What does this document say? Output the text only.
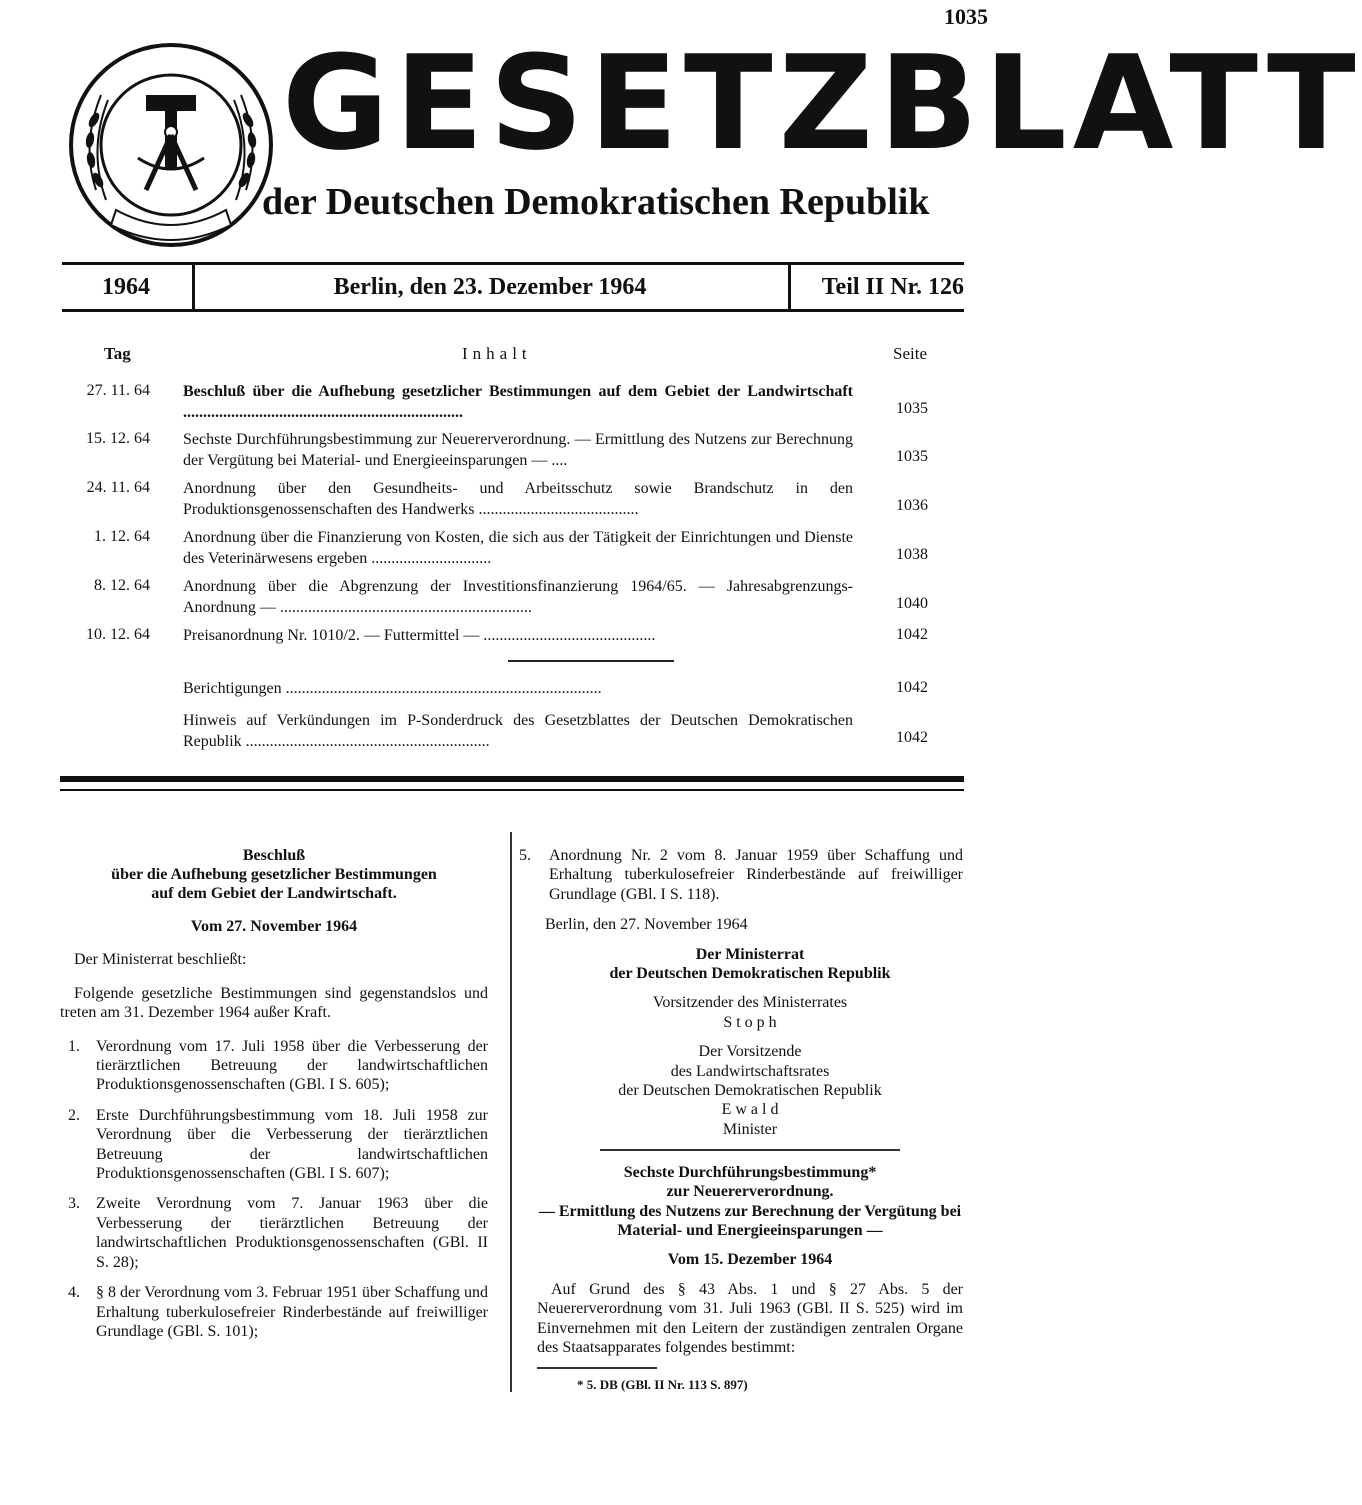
1035
GESETZBLATT
der Deutschen Demokratischen Republik
1964	Berlin, den 23. Dezember 1964	Teil II Nr. 126
Tag	Inhalt	Seite
27. 11. 64 Beschluß über die Aufhebung gesetzlicher Bestimmungen auf dem Gebiet der Landwirtschaft ......................................................................	1035
15. 12. 64 Sechste Durchführungsbestimmung zur Neuererverordnung. — Ermittlung des Nutzens zur Berechnung der Vergütung bei Material- und Energieeinsparungen — ....	1035
24. 11. 64 Anordnung über den Gesundheits- und Arbeitsschutz sowie Brandschutz in den Produktionsgenossenschaften des Handwerks ........................................	1036
1. 12. 64 Anordnung über die Finanzierung von Kosten, die sich aus der Tätigkeit der Einrichtungen und Dienste des Veterinärwesens ergeben ..............................	1038
8. 12. 64 Anordnung über die Abgrenzung der Investitionsfinanzierung 1964/65. — Jahresabgrenzungs-Anordnung — ...............................................................	1040
10. 12. 64 Preisanordnung Nr. 1010/2. — Futtermittel — ...........................................	1042
Berichtigungen ...............................................................................	1042
Hinweis auf Verkündungen im P-Sonderdruck des Gesetzblattes der Deutschen Demokratischen Republik .............................................................	1042

Beschluß
über die Aufhebung gesetzlicher Bestimmungen
auf dem Gebiet der Landwirtschaft.

Vom 27. November 1964

Der Ministerrat beschließt:

Folgende gesetzliche Bestimmungen sind gegenstandslos und treten am 31. Dezember 1964 außer Kraft.

1. Verordnung vom 17. Juli 1958 über die Verbesserung der tierärztlichen Betreuung der landwirtschaftlichen Produktionsgenossenschaften (GBl. I S. 605);
2. Erste Durchführungsbestimmung vom 18. Juli 1958 zur Verordnung über die Verbesserung der tierärztlichen Betreuung der landwirtschaftlichen Produktionsgenossenschaften (GBl. I S. 607);
3. Zweite Verordnung vom 7. Januar 1963 über die Verbesserung der tierärztlichen Betreuung der landwirtschaftlichen Produktionsgenossenschaften (GBl. II S. 28);
4. § 8 der Verordnung vom 3. Februar 1951 über Schaffung und Erhaltung tuberkulosefreier Rinderbestände auf freiwilliger Grundlage (GBl. S. 101);
5. Anordnung Nr. 2 vom 8. Januar 1959 über Schaffung und Erhaltung tuberkulosefreier Rinderbestände auf freiwilliger Grundlage (GBl. I S. 118).

Berlin, den 27. November 1964

Der Ministerrat
der Deutschen Demokratischen Republik

Vorsitzender des Ministerrates

S t o p h

Der Vorsitzende
des Landwirtschaftsrates
der Deutschen Demokratischen Republik

E w a l d

Minister

Sechste Durchführungsbestimmung*
zur Neuererverordnung.
— Ermittlung des Nutzens zur Berechnung der Vergütung bei Material- und Energieeinsparungen —

Vom 15. Dezember 1964

Auf Grund des § 43 Abs. 1 und § 27 Abs. 5 der Neuererverordnung vom 31. Juli 1963 (GBl. II S. 525) wird im Einvernehmen mit den Leitern der zuständigen zentralen Organe des Staatsapparates folgendes bestimmt:

* 5. DB (GBl. II Nr. 113 S. 897)
